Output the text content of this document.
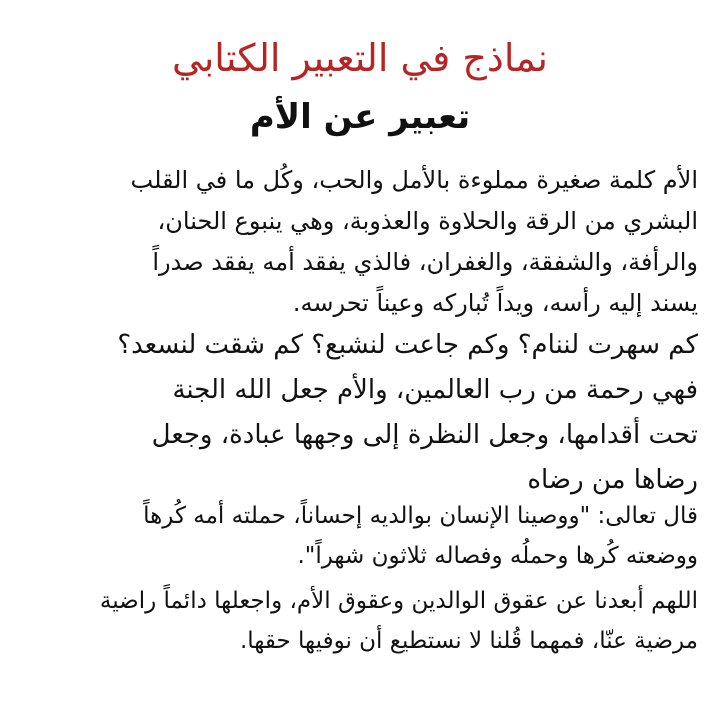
نماذج في التعبير الكتابي
تعبير عن الأم

الأم كلمة صغيرة مملوءة بالأمل والحب، وكُل ما في القلب
البشري من الرقة والحلاوة والعذوبة، وهي ينبوع الحنان،
والرأفة، والشفقة، والغفران، فالذي يفقد أمه يفقد صدراً
يسند إليه رأسه، ويداً تُباركه وعيناً تحرسه.

كم سهرت لننام؟ وكم جاعت لنشبع؟ كم شقت لنسعد؟
فهي رحمة من رب العالمين، والأم جعل الله الجنة
تحت أقدامها، وجعل النظرة إلى وجهها عبادة، وجعل
رضاها من رضاه

قال تعالى: "ووصينا الإنسان بوالديه إحساناً، حملته أمه كُرهاً
ووضعته كُرها وحملُه وفصاله ثلاثون شهراً".

اللهم أبعدنا عن عقوق الوالدين وعقوق الأم، واجعلها دائماً راضية
مرضية عنّا، فمهما قُلنا لا نستطيع أن نوفيها حقها.
